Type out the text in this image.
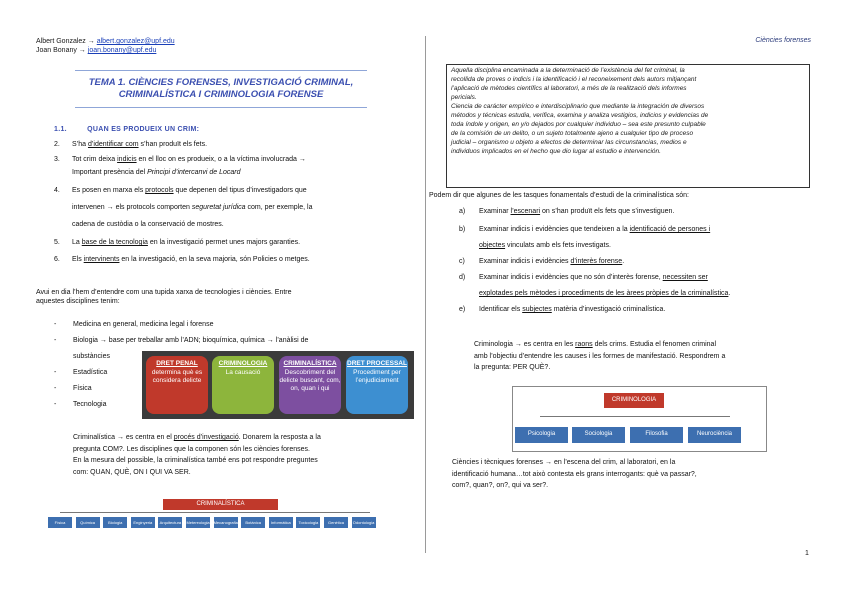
Albert Gonzalez → albert.gonzalez@upf.edu
Joan Bonany → joan.bonany@upf.edu
Ciències forenses
TEMA 1. CIÈNCIES FORENSES, INVESTIGACIÓ CRIMINAL,
CRIMINALÍSTICA I CRIMINOLOGIA FORENSE
1.1.	QUAN ES PRODUEIX UN CRIM:
2. S’ha d’identificar com s’han produït els fets.
3. Tot crim deixa indicis en el lloc on es produeix, o a la víctima involucrada →
Important presència del Principi d’intercanvi de Locard
4. Es posen en marxa els protocols que depenen del tipus d’investigadors que
intervenen → els protocols comporten seguretat jurídica com, per exemple, la
cadena de custòdia o la conservació de mostres.
5. La base de la tecnologia en la investigació permet unes majors garanties.
6. Els intervinents en la investigació, en la seva majoria, són Policies o metges.
Avui en dia l’hem d’entendre com una tupida xarxa de tecnologies i ciències. Entre
aquestes disciplines tenim:
- Medicina en general, medicina legal i forense
- Biologia → base per treballar amb l’ADN; bioquímica, química → l’anàlisi de
substàncies
- Estadística
- Física
- Tecnologia
DRET PENAL
determina què es considera delicte
CRIMINOLOGIA
La causació
CRIMINALÍSTICA
Descobriment del delicte buscant, com, on, quan i qui
DRET PROCESSAL
Procediment per l’enjudiciament
Criminalística → es centra en el procés d’investigació. Donarem la resposta a la
pregunta COM?. Les disciplines que la componen són les ciències forenses.
En la mesura del possible, la criminalística també ens pot respondre preguntes
com: QUAN, QUÈ, ON I QUI VA SER.
CRIMINALÍSTICA
Física	Química	Biologia	Enginyeria	Arquitectura	Metereologia Mecanografia	Botànica	Informàtica	Toxicologia	Genètica	Odontologia
Aquella disciplina encaminada a la determinació de l’existència del fet criminal, la
recollida de proves o indicis i la identificació i el reconeixement dels autors mitjançant
l’aplicació de mètodes científics al laboratori, a més de la realització dels informes
pericials.
Ciencia de carácter empírico e interdisciplinario que mediante la integración de diversos
métodos y técnicas estudia, verifica, examina y analiza vestigios, indicios y evidencias de
toda índole y origen, en y/o dejados por cualquier individuo – sea este presunto culpable
de la comisión de un delito, o un sujeto totalmente ajeno a cualquier tipo de proceso
judicial – organismo u objeto a efectos de determinar las circunstancias, medios e
individuos implicados en el hecho que dio lugar al estudio e intervención.
Podem dir que algunes de les tasques fonamentals d’estudi de la criminalística són:
a) Examinar l’escenari on s’han produït els fets que s’investiguen.
b) Examinar indicis i evidències que tendeixen a la identificació de persones i
objectes vinculats amb els fets investigats.
c) Examinar indicis i evidències d’interès forense.
d) Examinar indicis i evidències que no són d’interès forense, necessiten ser
explotades pels mètodes i procediments de les àrees pròpies de la criminalística.
e) Identificar els subjectes matèria d’investigació criminalística.
Criminologia → es centra en les raons dels crims. Estudia el fenomen criminal
amb l’objectiu d’entendre les causes i les formes de manifestació. Respondrem a
la pregunta: PER QUÈ?.
CRIMINOLOGIA
Psicologia	Sociologia	Filosofia	Neurociència
Ciències i tècniques forenses → en l’escena del crim, al laboratori, en la
identificació humana…tot això contesta els grans interrogants: què va passar?,
com?, quan?, on?, qui va ser?.
1
